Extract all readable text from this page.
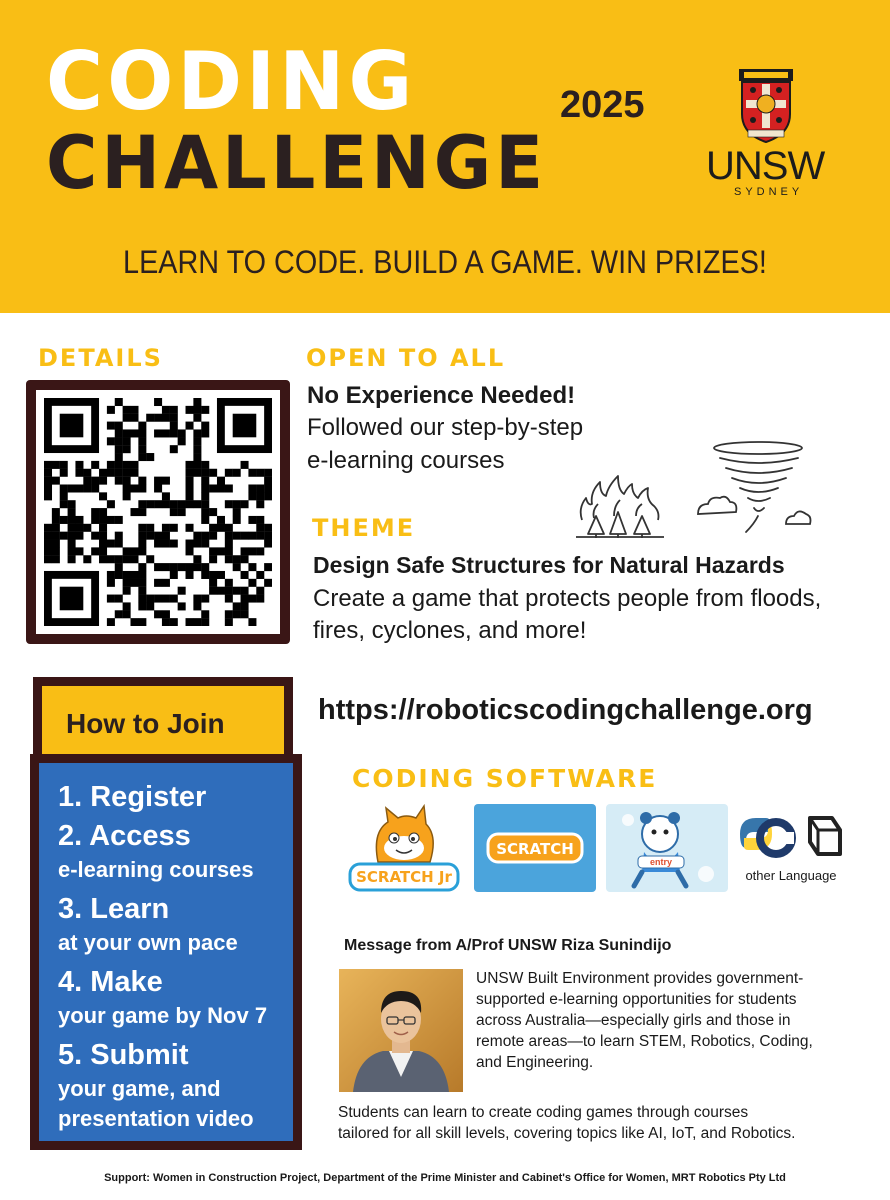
CODING
CHALLENGE
2025
UNSW
SYDNEY
LEARN TO CODE. BUILD A GAME. WIN PRIZES!
DETAILS	OPEN TO ALL
No Experience Needed!
Followed our step-by-step
e-learning courses
THEME
Design Safe Structures for Natural Hazards
Create a game that protects people from floods,
fires, cyclones, and more!
How to Join
1. Register
2. Access
e-learning courses
3. Learn
at your own pace
4. Make
your game by Nov 7
5. Submit
your game, and
presentation video
https://roboticscodingchallenge.org
CODING SOFTWARE
SCRATCH Jr
SCRATCH
entry
other Language
Message from A/Prof UNSW Riza Sunindijo
UNSW Built Environment provides government-
supported e-learning opportunities for students
across Australia—especially girls and those in
remote areas—to learn STEM, Robotics, Coding,
and Engineering.
Students can learn to create coding games through courses
tailored for all skill levels, covering topics like AI, IoT, and Robotics.
Support: Women in Construction Project, Department of the Prime Minister and Cabinet's Office for Women, MRT Robotics Pty Ltd
